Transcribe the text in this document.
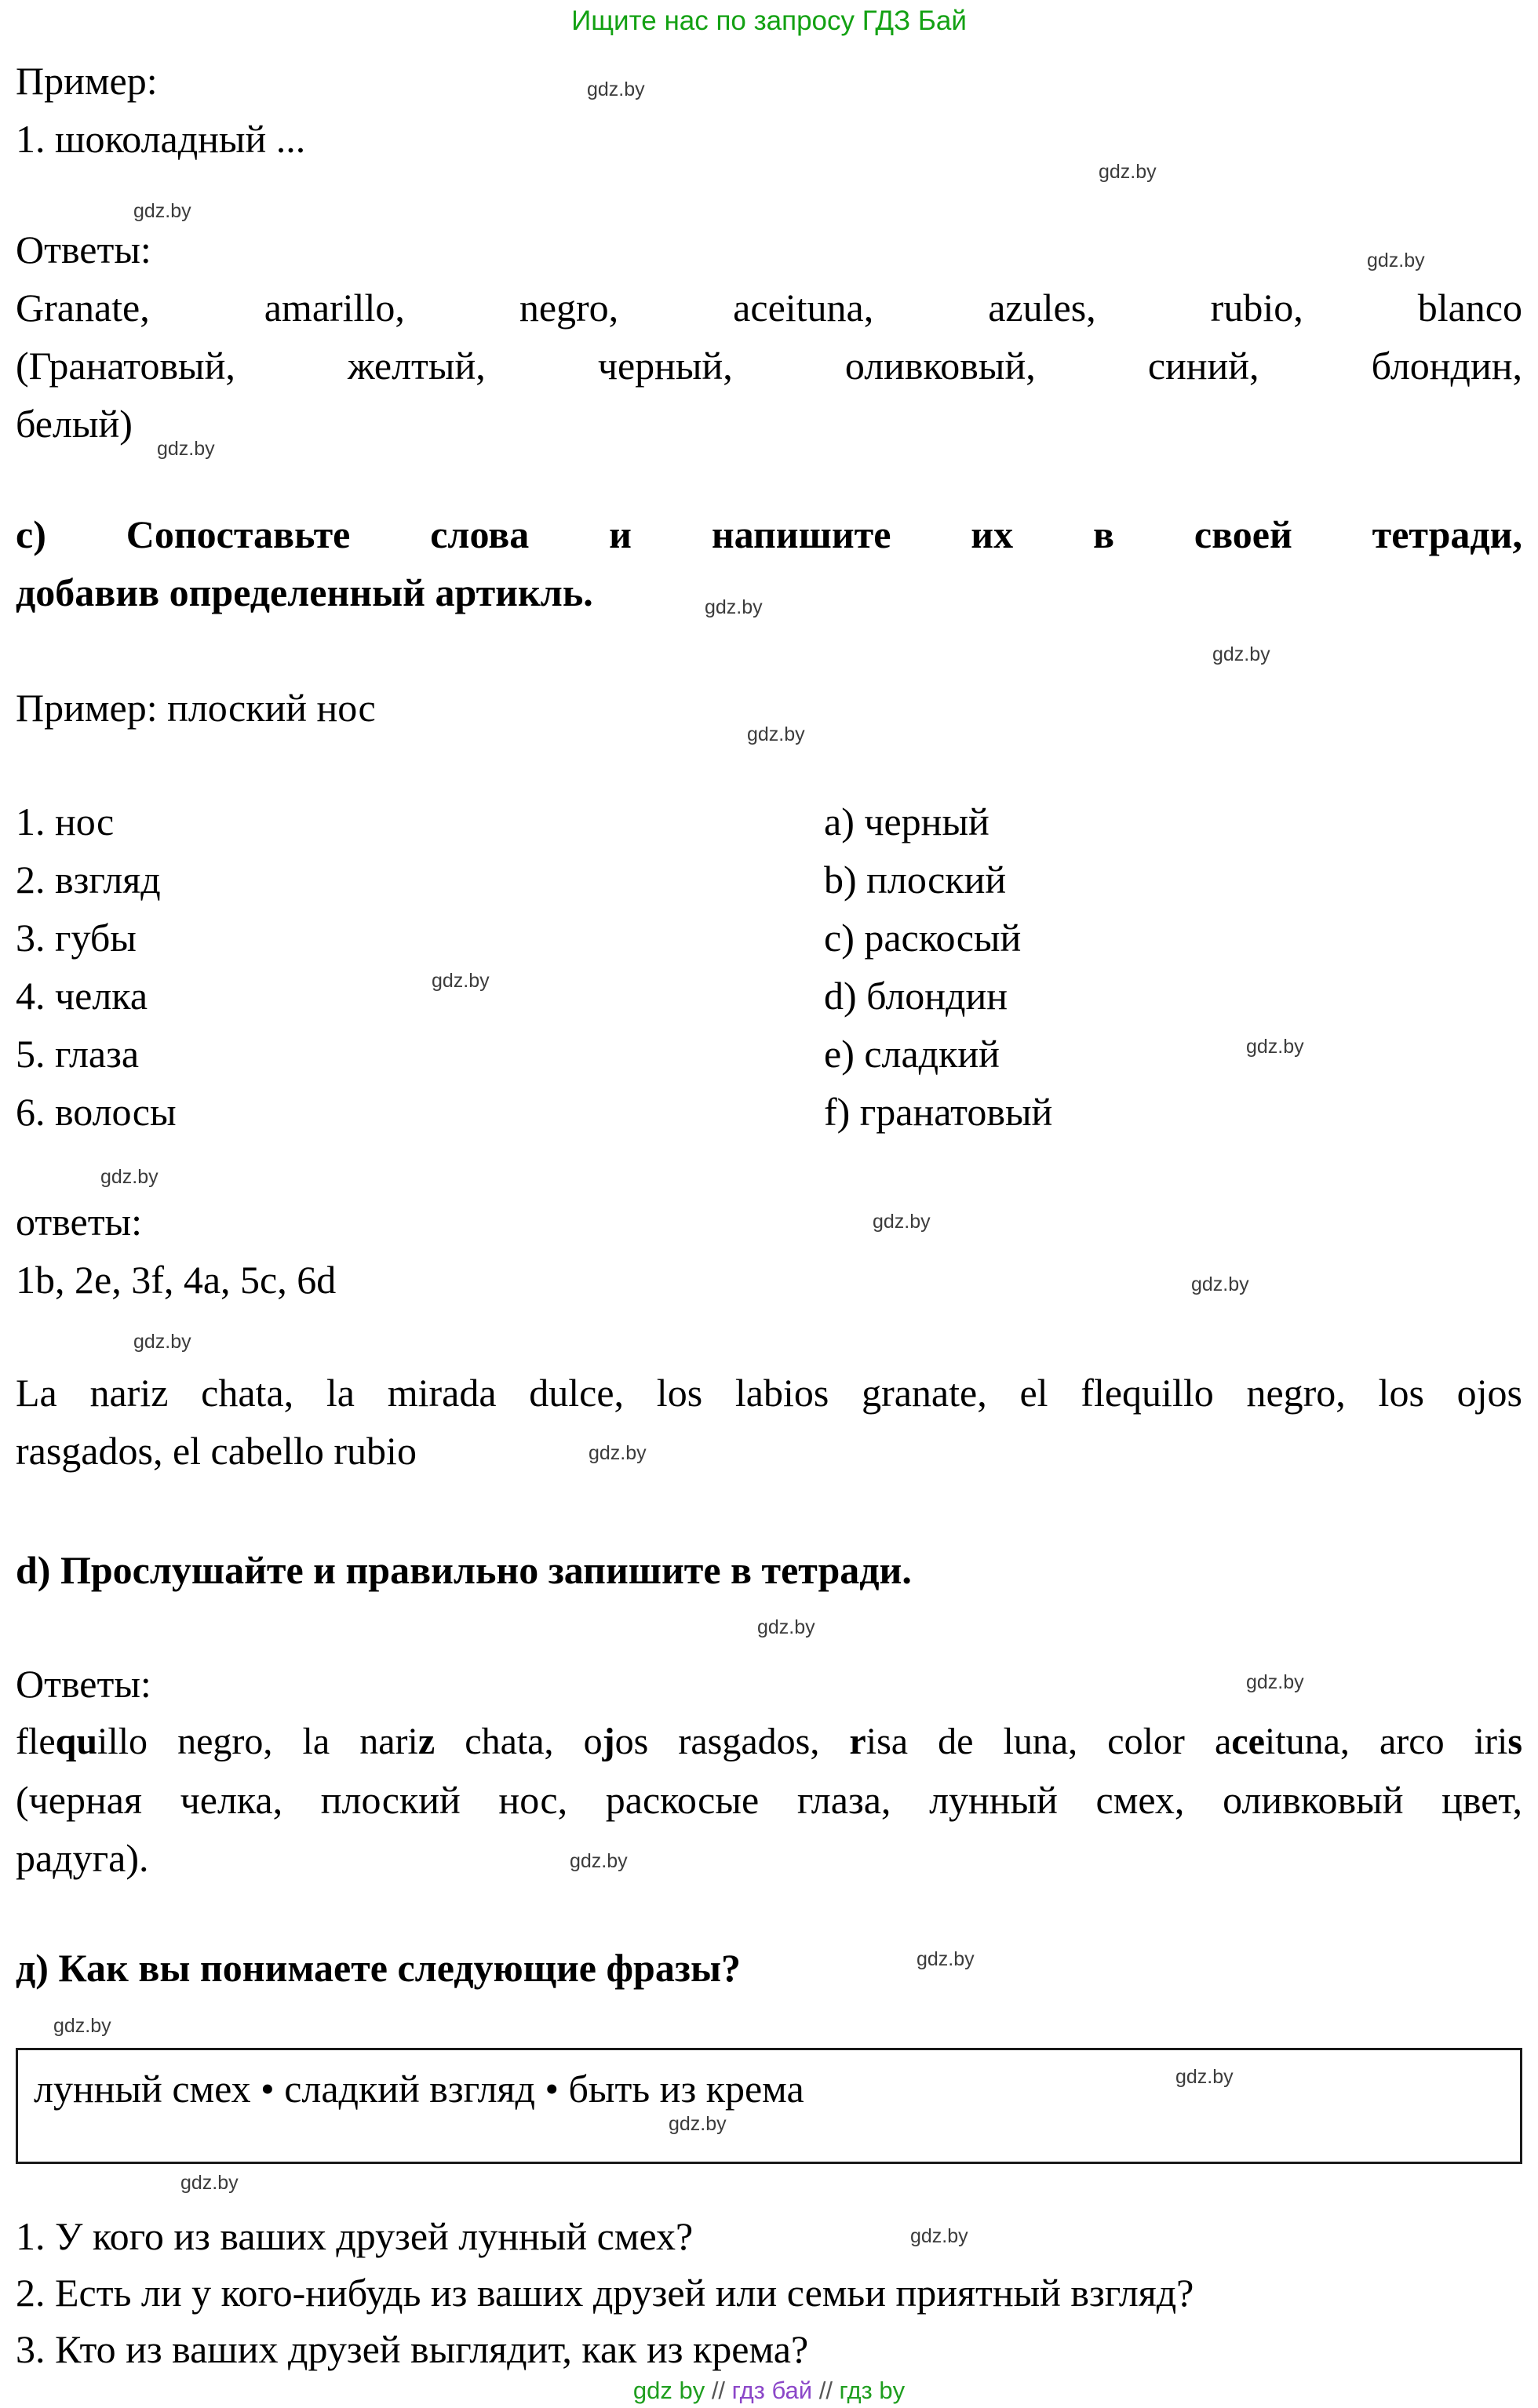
Ищите нас по запросу ГДЗ Бай
Пример:
1. шоколадный ...
Ответы:
Granate, amarillo, negro, aceituna, azules, rubio, blanco
(Гранатовый, желтый, черный, оливковый, синий, блондин,
белый)
c) Сопоставьте слова и напишите их в своей тетради,
добавив определенный артикль.
Пример: плоский нос
1. нос
2. взгляд
3. губы
4. челка
5. глаза
6. волосы
a) черный
b) плоский
c) раскосый
d) блондин
e) сладкий
f) гранатовый
ответы:
1b, 2e, 3f, 4a, 5c, 6d
La nariz chata, la mirada dulce, los labios granate, el flequillo negro, los ojos
rasgados, el cabello rubio
d) Прослушайте и правильно запишите в тетради.
Ответы:
flequillo negro, la nariz chata, ojos rasgados, risa de luna, color aceituna, arco iris
(черная челка, плоский нос, раскосые глаза, лунный смех, оливковый цвет,
радуга).
д) Как вы понимаете следующие фразы?
лунный смех • сладкий взгляд • быть из крема
1. У кого из ваших друзей лунный смех?
2. Есть ли у кого-нибудь из ваших друзей или семьи приятный взгляд?
3. Кто из ваших друзей выглядит, как из крема?
gdz by // гдз бай // гдз by
gdz.by
gdz.by
gdz.by
gdz.by
gdz.by
gdz.by
gdz.by
gdz.by
gdz.by
gdz.by
gdz.by
gdz.by
gdz.by
gdz.by
gdz.by
gdz.by
gdz.by
gdz.by
gdz.by
gdz.by
gdz.by
gdz.by
gdz.by
gdz.by
